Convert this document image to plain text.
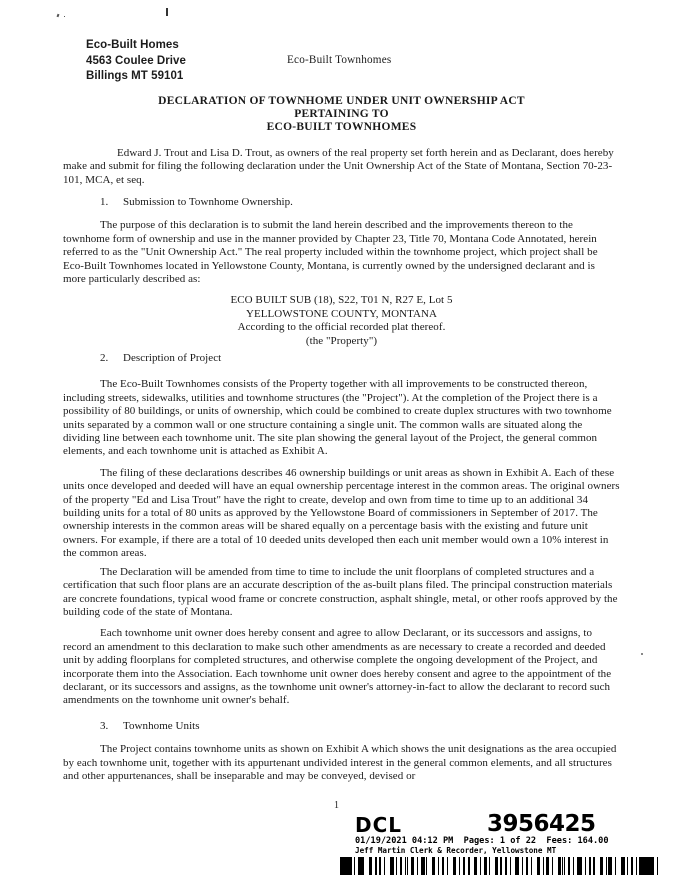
Eco-Built Homes
4563 Coulee Drive
Billings MT 59101
Eco-Built Townhomes
DECLARATION OF TOWNHOME UNDER UNIT OWNERSHIP ACT
PERTAINING TO
ECO-BUILT TOWNHOMES

Edward J. Trout and Lisa D. Trout, as owners of the real property set forth herein and as Declarant, does hereby make and submit for filing the following declaration under the Unit Ownership Act of the State of Montana, Section 70-23-101, MCA, et seq.

1. Submission to Townhome Ownership.

The purpose of this declaration is to submit the land herein described and the improvements thereon to the townhome form of ownership and use in the manner provided by Chapter 23, Title 70, Montana Code Annotated, herein referred to as the "Unit Ownership Act." The real property included within the townhome project, which project shall be Eco-Built Townhomes located in Yellowstone County, Montana, is currently owned by the undersigned declarant and is more particularly described as:

ECO BUILT SUB (18), S22, T01 N, R27 E, Lot 5
YELLOWSTONE COUNTY, MONTANA
According to the official recorded plat thereof.
(the "Property")
2. Description of Project

The Eco-Built Townhomes consists of the Property together with all improvements to be constructed thereon, including streets, sidewalks, utilities and townhome structures (the "Project"). At the completion of the Project there is a possibility of 80 buildings, or units of ownership, which could be combined to create duplex structures with two townhome units separated by a common wall or one structure containing a single unit. The common walls are situated along the dividing line between each townhome unit. The site plan showing the general layout of the Project, the general common elements, and each townhome unit is attached as Exhibit A.

The filing of these declarations describes 46 ownership buildings or unit areas as shown in Exhibit A. Each of these units once developed and deeded will have an equal ownership percentage interest in the common areas. The original owners of the property "Ed and Lisa Trout" have the right to create, develop and own from time to time up to an additional 34 building units for a total of 80 units as approved by the Yellowstone Board of commissioners in September of 2017. The ownership interests in the common areas will be shared equally on a percentage basis with the existing and future unit owners. For example, if there are a total of 10 deeded units developed then each unit member would own a 10% interest in the common areas.

The Declaration will be amended from time to time to include the unit floorplans of completed structures and a certification that such floor plans are an accurate description of the as-built plans filed. The principal construction materials are concrete foundations, typical wood frame or concrete construction, asphalt shingle, metal, or other roofs approved by the building code of the state of Montana.

Each townhome unit owner does hereby consent and agree to allow Declarant, or its successors and assigns, to record an amendment to this declaration to make such other amendments as are necessary to create a recorded and deeded unit by adding floorplans for completed structures, and otherwise complete the ongoing development of the Project, and incorporate them into the Association. Each townhome unit owner does hereby consent and agree to the appointment of the declarant, or its successors and assigns, as the townhome unit owner's attorney-in-fact to allow the declarant to record such amendments on the townhome unit owner's behalf.

3. Townhome Units

The Project contains townhome units as shown on Exhibit A which shows the unit designations as the area occupied by each townhome unit, together with its appurtenant undivided interest in the general common elements, and all structures and other appurtenances, shall be inseparable and may be conveyed, devised or

1
DCL	3956425
01/19/2021 04:12 PM  Pages: 1 of 22  Fees: 164.00
Jeff Martin Clerk & Recorder, Yellowstone MT
